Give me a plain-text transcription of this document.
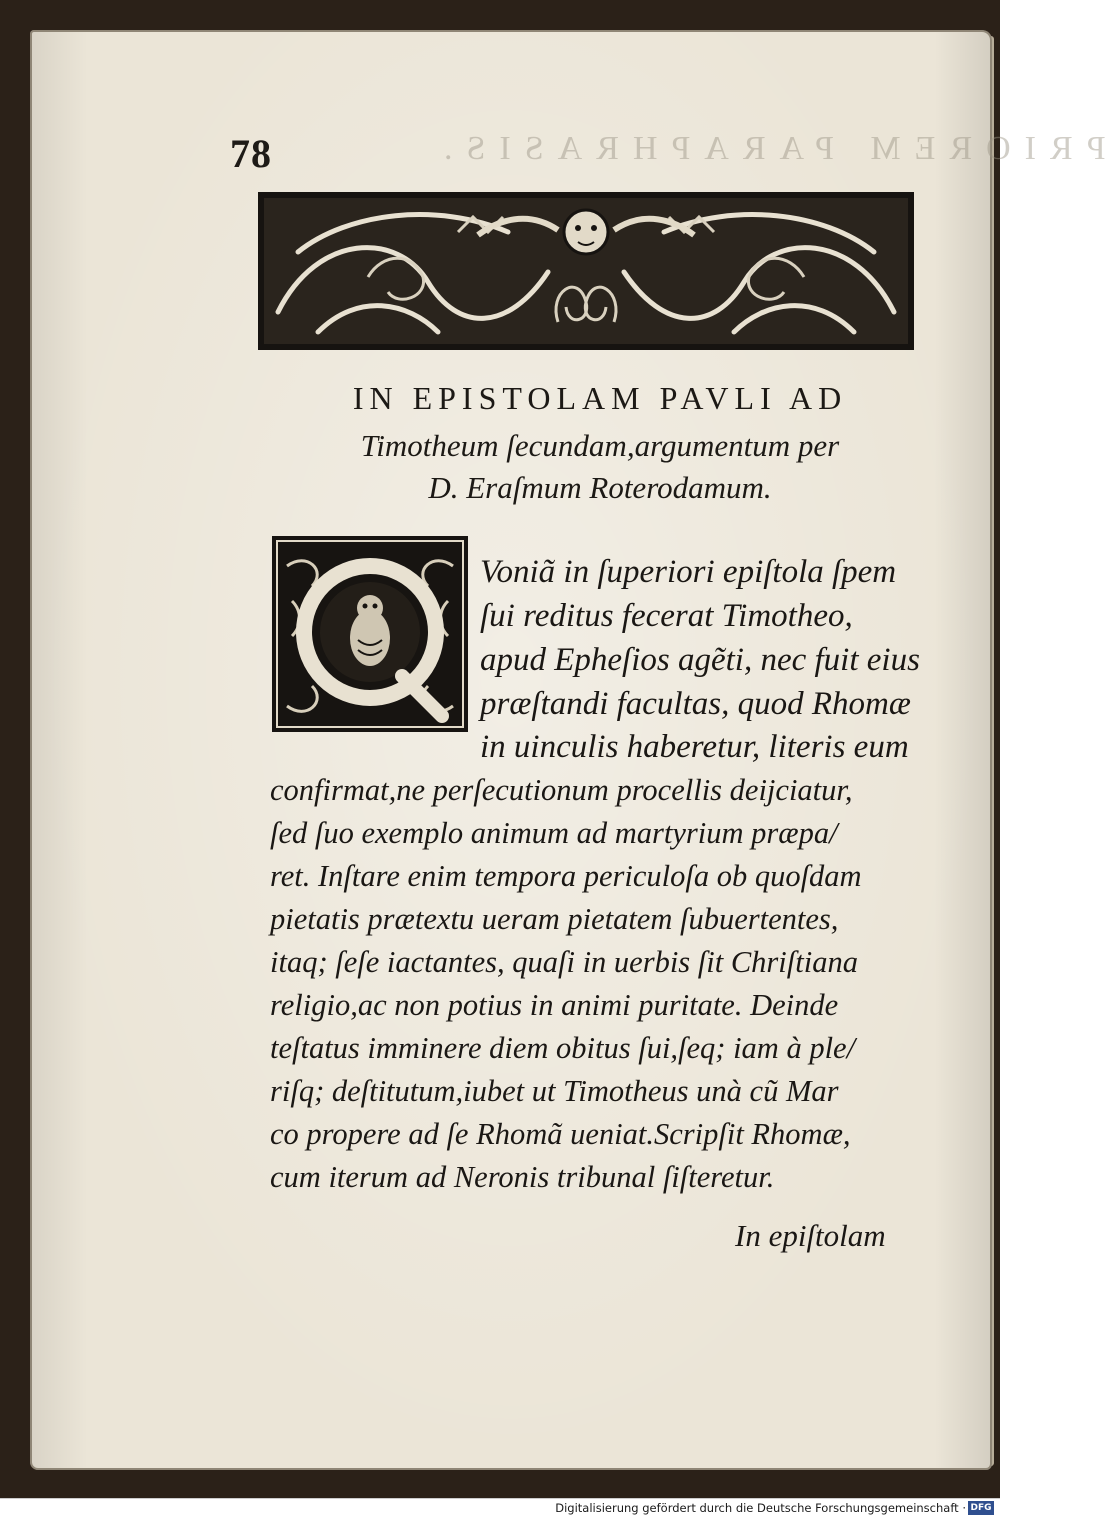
PRIOREM PARAPHRASIS.
78
IN EPISTOLAM PAVLI AD
Timotheum ſecundam,argumentum per
D. Eraſmum Roterodamum.
Voniã in ſuperiori epiſtola ſpem
ſui reditus fecerat Timotheo,
apud Epheſios agẽti, nec fuit eius
præſtandi facultas, quod Rhomæ
in uinculis haberetur, literis eum
confirmat,ne perſecutionum procellis deijciatur,
ſed ſuo exemplo animum ad martyrium præpa/
ret. Inſtare enim tempora periculoſa ob quoſdam
pietatis prætextu ueram pietatem ſubuertentes,
itaq; ſeſe iactantes, quaſi in uerbis ſit Chriſtiana
religio,ac non potius in animi puritate. Deinde
teſtatus imminere diem obitus ſui,ſeq; iam à ple/
riſq; deſtitutum,iubet ut Timotheus unà cũ Mar
co propere ad ſe Rhomã ueniat.Scripſit Rhomæ,
cum iterum ad Neronis tribunal ſiſteretur.
In epiſtolam
Digitalisierung gefördert durch die Deutsche Forschungsgemeinschaft · DFG
